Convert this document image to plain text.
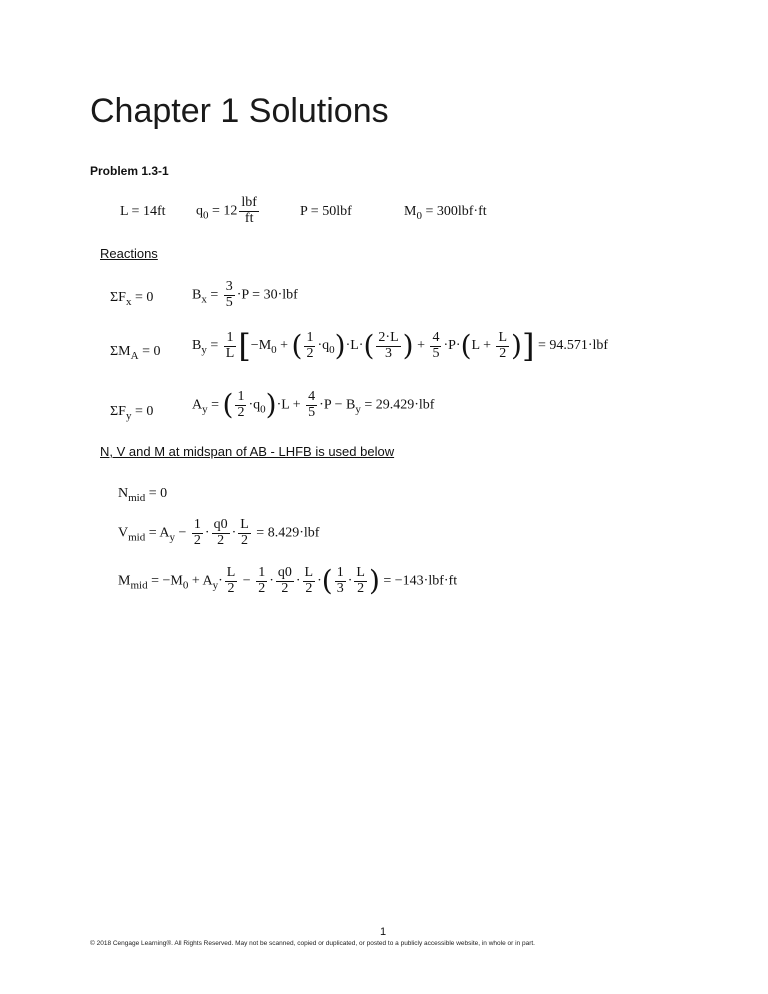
Chapter 1 Solutions
Problem 1.3-1
L = 14ft $q_0 = 12 \frac{\text{lbf}}{ft}$	P = 50lbf	$M_0 = 300lbf\cdot ft$
Reactions
$\Sigma F_x = 0$	$B_x = \frac{3}{5} \cdot P = 30\cdot lbf$
$\Sigma M_A = 0$ $B_y = \frac{1}{L} [-M_0$ + ( $\frac{1}{2} \cdot q_0)\cdot L\cdot( \frac{2\cdot L}{3}$ ) + $\frac{4}{5} \cdot P\cdot(L + \frac{L}{2}$ )] = 94.571·lbf
$\Sigma F_y = 0$	$A_y$ = ( $\frac{1}{2} \cdot q_0)\cdot L + \frac{4}{5} \cdot P - B_y = 29.429\cdot lbf$
N, V and M at midspan of AB - LHFB is used below
$N_{mid} = 0$
$V_{mid} = A_y - \frac{1}{2} \cdot \frac{q0}{2} \cdot \frac{L}{2} = 8.429\cdot lbf$
$M_{mid} = -M_0 + A_y\cdot \frac{L}{2} - \frac{1}{2} \cdot \frac{q0}{2} \cdot \frac{L}{2}$ ·( $\frac{1}{3} \cdot \frac{L}{2}$ ) = −143·lbf·ft
1
© 2018 Cengage Learning®. All Rights Reserved. May not be scanned, copied or duplicated, or posted to a publicly accessible website, in whole or in part.
